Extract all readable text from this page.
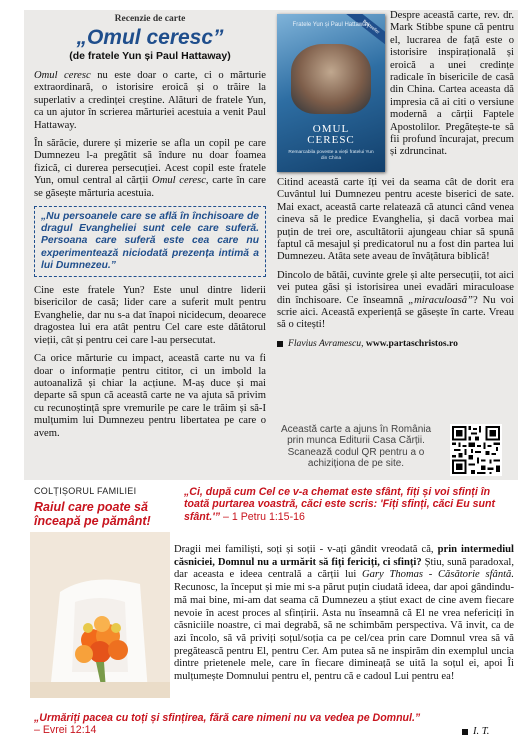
Recenzie de carte
„Omul ceresc”
(de fratele Yun și Paul Hattaway)

Omul ceresc nu este doar o carte, ci o mărturie extraordinară, o istorisire eroică și o trăire la superlativ a credinței creștine. Alături de fratele Yun, ca un ajutor în scrierea mărturiei acestuia a venit Paul Hattaway.

În sărăcie, durere și mizerie se afla un copil pe care Dumnezeu l-a pregătit să îndure nu doar foamea fizică, ci durerea persecuției. Acest copil este fratele Yun, omul central al cărții Omul ceresc, carte în care se găsește mărturia acestuia.

„Nu persoanele care se află în închisoare de dragul Evangheliei sunt cele care suferă. Persoana care suferă este cea care nu experimentează niciodată prezența intimă a lui Dumnezeu.”

Cine este fratele Yun? Este unul dintre liderii bisericilor de casă; lider care a suferit mult pentru Evanghelie, dar nu s-a dat înapoi nicidecum, deoarece dragostea lui era atât pentru Cel care este dătătorul vieții, cât și pentru cei care l-au persecutat.

Ca orice mărturie cu impact, această carte nu va fi doar o informație pentru cititor, ci un imbold la autoanaliză și chiar la acțiune. M-aș duce și mai departe să spun că această carte ne va ajuta să privim cu recunoștință spre vremurile pe care le trăim și să-I mulțumim lui Dumnezeu pentru libertatea pe care o avem.

Bestseller
Fratele Yun și Paul Hattaway
OMUL
CERESC
Remarcabila poveste a vieții fratelui Yun din China

Despre această carte, rev. dr. Mark Stibbe spune că pentru el, lucrarea de față este o istorisire inspirațională și eroică a unei credințe radicale în bisericile de casă din China. Cartea aceasta dă impresia că ai citi o versiune modernă a cărții Faptele Apostolilor. Pregătește-te să fii profund încurajat, precum și zdruncinat.

Citind această carte îți vei da seama cât de dorit era Cuvântul lui Dumnezeu pentru aceste biserici de sate. Mai exact, această carte relatează că atunci când venea cineva să le predice Evanghelia, și dacă vorbea mai puțin de trei ore, ascultătorii ajungeau chiar să spună faptul că mesajul și predicatorul nu a fost din partea lui Dumnezeu. Atâta sete aveau de învățătura biblică!

Dincolo de bătăi, cuvinte grele și alte persecuții, tot aici vei putea găsi și istorisirea unei evadări miraculoase din închisoare. Ce înseamnă „miraculoasă”? Nu voi scrie aici. Această experiență se găsește în carte. Vreau să o citești!

Flavius Avramescu, www.partaschristos.ro
Această carte a ajuns în România prin munca Editurii Casa Cărții. Scanează codul QR pentru a o achiziționa de pe site.
COLȚIȘORUL FAMILIEI
Raiul care poate să înceapă pe pământ!
„Ci, după cum Cel ce v-a chemat este sfânt, fiți și voi sfinți în toată purtarea voastră, căci este scris: 'Fiți sfinți, căci Eu sunt sfânt.'” – 1 Petru 1:15-16

Dragii mei familiști, soți și soții - v-ați gândit vreodată că, prin intermediul căsniciei, Domnul nu a urmărit să fiți fericiți, ci sfinți? Știu, sună paradoxal, dar aceasta e ideea centrală a cărții lui Gary Thomas - Căsătorie sfântă. Recunosc, la început și mie mi s-a părut puțin ciudată ideea, dar apoi gândindu-mă mai bine, mi-am dat seama că Dumnezeu a știut exact de cine avem fiecare nevoie în acest proces al sfințirii. Asta nu înseamnă că El ne vrea nefericiți în căsniciile noastre, ci mai degrabă, să ne schimbăm perspectiva. Vă invit, ca de azi încolo, să vă priviți soțul/soția ca pe cel/cea prin care Domnul vrea să vă pregătească pentru El, pentru Cer. Am putea să ne inspirăm din exemplul uncia dintre prietenele mele, care în fiecare dimineață se uită la soțul ei, apoi Îi mulțumește Domnului pentru el, pentru că e cadoul Lui pentru ea!

„Urmăriți pacea cu toți și sfințirea, fără care nimeni nu va vedea pe Domnul.”
– Evrei 12:14	I. T.
